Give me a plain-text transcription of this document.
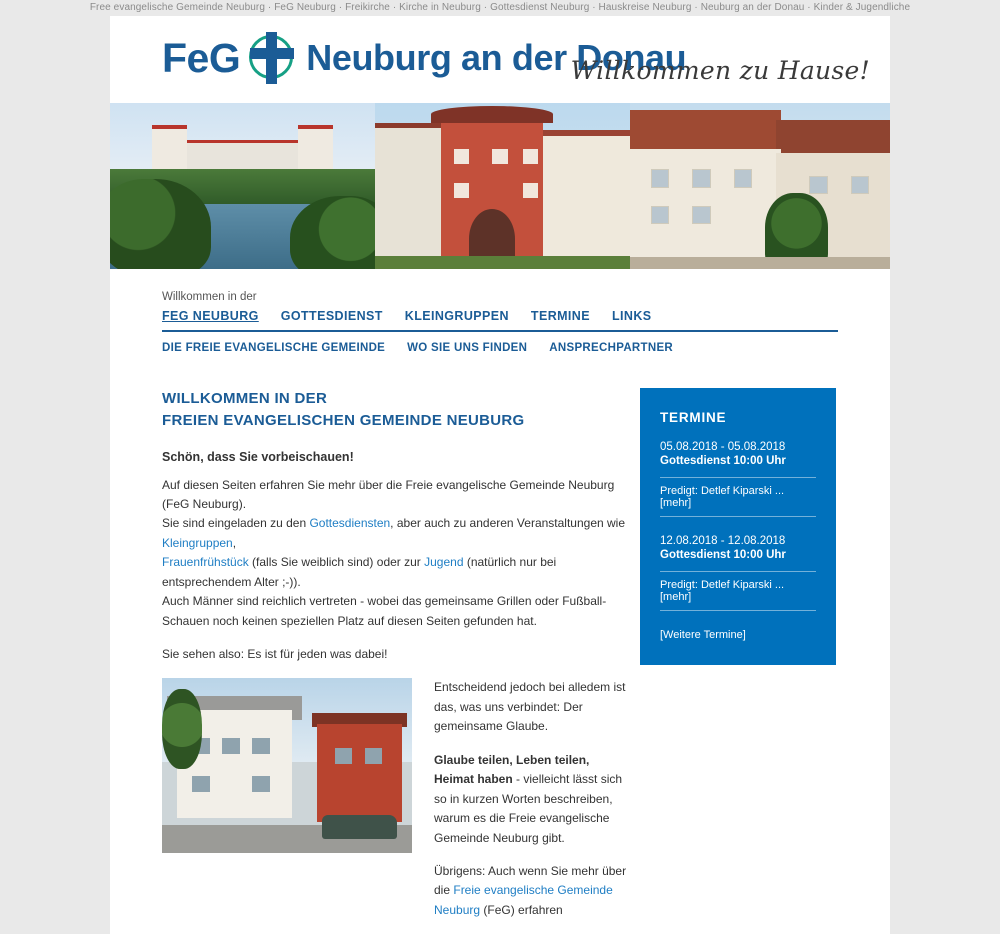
Free evangelische Gemeinde Neuburg · FeG Neuburg · Freikirche · Kirche in Neuburg · Gottesdienst Neuburg · Hauskreise Neuburg · Neuburg an der Donau · Kinder & Jugendliche
FeG Neuburg an der Donau
Willkommen zu Hause!
Willkommen in der
FEG NEUBURG GOTTESDIENST KLEINGRUPPEN TERMINE LINKS
DIE FREIE EVANGELISCHE GEMEINDE WO SIE UNS FINDEN ANSPRECHPARTNER
WILLKOMMEN IN DER
FREIEN EVANGELISCHEN GEMEINDE NEUBURG

Schön, dass Sie vorbeischauen!

Auf diesen Seiten erfahren Sie mehr über die Freie evangelische Gemeinde Neuburg (FeG Neuburg).
Sie sind eingeladen zu den Gottesdiensten, aber auch zu anderen Veranstaltungen wie Kleingruppen,
Frauenfrühstück (falls Sie weiblich sind) oder zur Jugend (natürlich nur bei entsprechendem Alter ;-)).
Auch Männer sind reichlich vertreten - wobei das gemeinsame Grillen oder Fußball-Schauen noch keinen speziellen Platz auf diesen Seiten gefunden hat.

Sie sehen also: Es ist für jeden was dabei!

Entscheidend jedoch bei alledem ist das, was uns verbindet: Der gemeinsame Glaube.

Glaube teilen, Leben teilen, Heimat haben - vielleicht lässt sich so in kurzen Worten beschreiben, warum es die Freie evangelische Gemeinde Neuburg gibt.

Übrigens: Auch wenn Sie mehr über die Freie evangelische Gemeinde Neuburg (FeG) erfahren

TERMINE
05.08.2018 - 05.08.2018
Gottesdienst 10:00 Uhr
Predigt: Detlef Kiparski ... [mehr]
12.08.2018 - 12.08.2018
Gottesdienst 10:00 Uhr
Predigt: Detlef Kiparski ... [mehr]
[Weitere Termine]
